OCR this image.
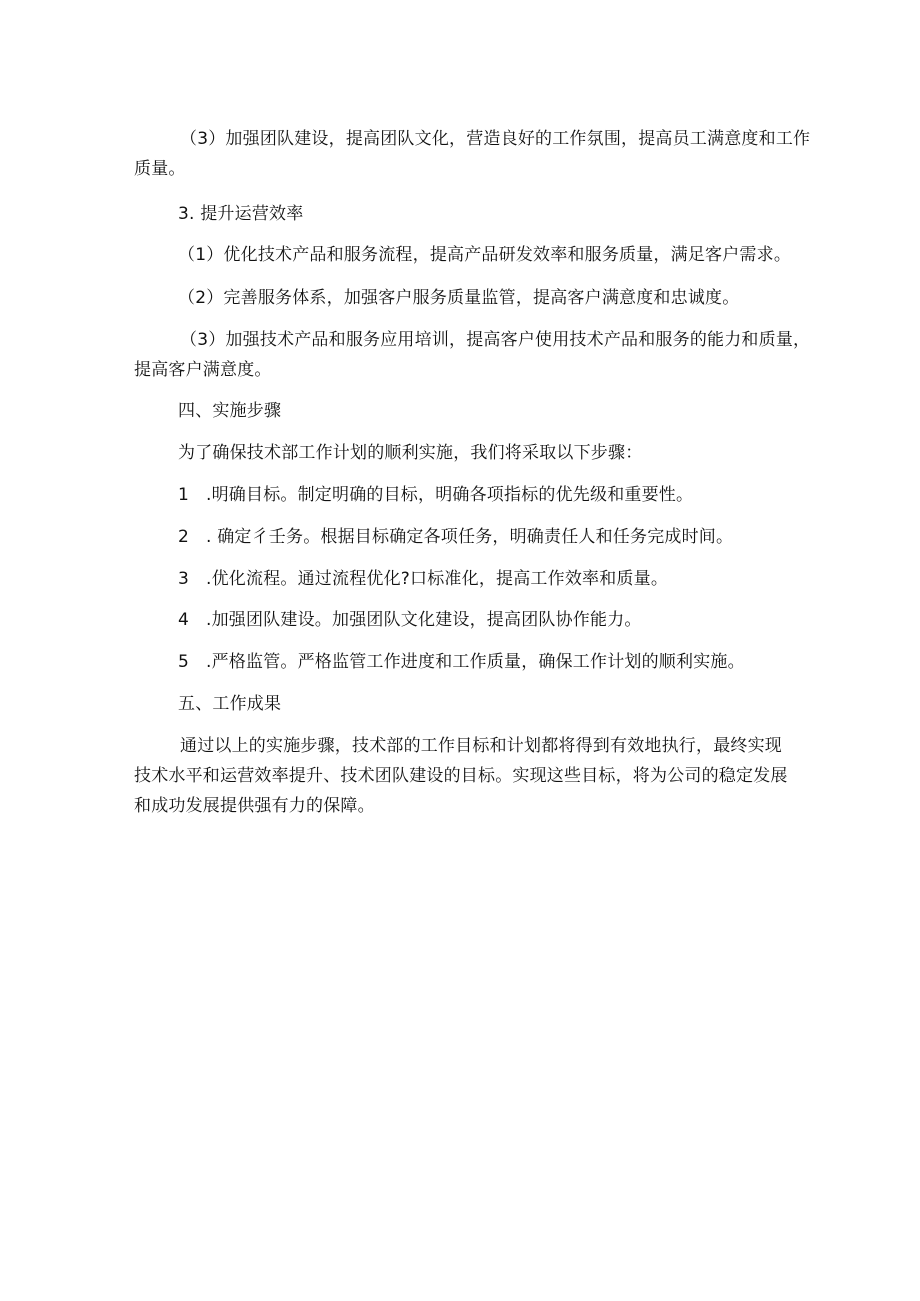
（3）加强团队建设，提高团队文化，营造良好的工作氛围，提高员工满意度和工作
质量。
3. 提升运营效率
（1）优化技术产品和服务流程，提高产品研发效率和服务质量，满足客户需求。
（2）完善服务体系，加强客户服务质量监管，提高客户满意度和忠诚度。
（3）加强技术产品和服务应用培训，提高客户使用技术产品和服务的能力和质量，
提高客户满意度。
四、实施步骤
为了确保技术部工作计划的顺利实施，我们将采取以下步骤：
1 .明确目标。制定明确的目标，明确各项指标的优先级和重要性。
2 . 确定彳壬务。根据目标确定各项任务，明确责任人和任务完成时间。
3 .优化流程。通过流程优化?口标准化，提高工作效率和质量。
4 .加强团队建设。加强团队文化建设，提高团队协作能力。
5 .严格监管。严格监管工作进度和工作质量，确保工作计划的顺利实施。
五、工作成果
通过以上的实施步骤，技术部的工作目标和计划都将得到有效地执行，最终实现
技术水平和运营效率提升、技术团队建设的目标。实现这些目标，将为公司的稳定发展
和成功发展提供强有力的保障。
